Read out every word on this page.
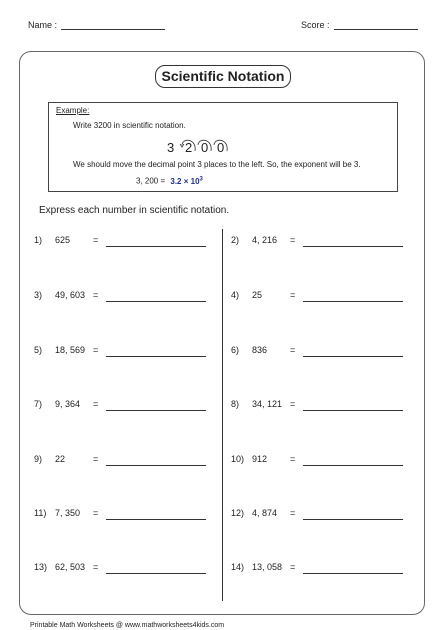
Name :	Score :
Scientific Notation
Example:
Write 3200 in scientific notation.
3 2 0 0
We should move the decimal point 3 places to the left. So, the exponent will be 3.
3, $200 = 3.2 \times 10^3$
Express each number in scientific notation.
1) 625	=
3) 49, 603 =
5) 18, 569 =
7) 9, 364 =
9) 22	=
11) 7, 350 =
13) 62, 503 =
2) 4, 216 =
4) 25	=
6) 836	=
8) 34, 121 =
10) 912	=
12) 4, 874 =
14) 13, 058 =
Printable Math Worksheets @ www.mathworksheets4kids.com
